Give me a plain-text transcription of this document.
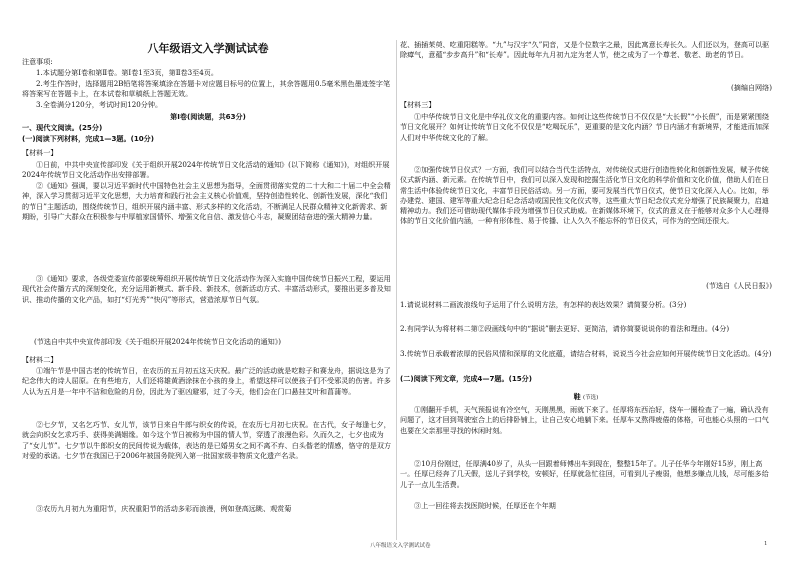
八年级语文入学测试试卷
注意事项:
1.本试题分第Ⅰ卷和第Ⅱ卷。第Ⅰ卷1至3页，第Ⅱ卷3至4页。
2.考生作答时，选择题用2B铅笔将答案填涂在答题卡对应题目标号的位置上，其余答题用0.5毫米黑色墨迹签字笔将答案写在答题卡上，在本试卷和草稿纸上答题无效。
3.全卷满分120分，考试时间120分钟。
第Ⅰ卷(阅读题，共63分)
一、现代文阅读。(25分)
(一)阅读下列材料，完成1—3题。(10分)
【材料一】
①日前，中共中央宣传部印发《关于组织开展2024年传统节日文化活动的通知》(以下简称《通知》)，对组织开展2024年传统节日文化活动作出安排部署。
②《通知》强调，要以习近平新时代中国特色社会主义思想为指导，全面贯彻落实党的二十大和二十届二中全会精神，深入学习贯彻习近平文化思想，大力培育和践行社会主义核心价值观，坚持创造性转化、创新性发展，深化“我们的节日”主题活动，围绕传统节日，组织开展内涵丰富、形式多样的文化活动，不断满足人民群众精神文化新需求、新期盼，引导广大群众在积极参与中厚植家国情怀、增强文化自信、激发信心斗志，凝聚团结奋进的强大精神力量。
③《通知》要求，各级党委宣传部要统筹组织开展传统节日文化活动作为深入实施中国传统节日振兴工程，要运用现代社会传播方式的深刻变化，充分运用新模式、新手段、新技术，创新活动方式、丰富活动形式，要推出更多普及知识、推动传播的文化产品，如打“灯光秀”“快闪”等形式，营造浓厚节日气氛。
(节选自中共中央宣传部印发《关于组织开展2024年传统节日文化活动的通知》)
【材料二】
①端午节是中国古老的传统节日，在农历的五月初五这天庆祝。最广泛的活动就是吃粽子和赛龙舟，据说这是为了纪念伟大的诗人屈原。在有些地方，人们还将雄黄酒涂抹在小孩的身上，希望这样可以使孩子们不受邪灵的伤害。许多人认为五月是一年中不洁和危险的月份，因此为了驱凶避邪，过了今天，他们会在门口悬挂艾叶和菖蒲等。
②七夕节，又名乞巧节、女儿节，该节日来自牛郎与织女的传说，在农历七月初七庆祝。在古代，女子每逢七夕，就会向织女乞求巧手、获得美满姻缘。如今这个节日被称为中国的情人节，穿透了浪漫色彩。久而久之，七夕也成为了“女儿节”。七夕节以牛郎织女的民间传说为载体，表达的是已婚男女之间不离不弃、白头偕老的情感，恪守的是双方对爱的承诺。七夕节在我国已于2006年被国务院列入第一批国家级非物质文化遗产名录。
③农历九月初九为重阳节，庆祝重阳节的活动多彩而浪漫，例如登高远眺、观赏菊
花、插插茱萸、吃重阳糕等。“九”与汉字“久”同音，又是个位数字之最，因此寓意长寿长久。人们还以为，登高可以驱除瘴气，意蕴“步步高升”和“长寿”。因此每年九月初九定为老人节，使之成为了一个尊老、敬老、助老的节日。
(摘编自网络)
【材料三】
①中华传统节日文化是中华礼仪文化的重要内容。如何让这些传统节日不仅仅是“大长假”“小长假”，而是紧紧围绕节日文化展开？如何让传统节日文化不仅仅是“吃喝玩乐”，更重要的是文化内涵？节日内涵才有新境界，才能进而加深人们对中华传统文化的了解。
②加强传统节日仪式？一方面，我们可以结合当代生活特点，对传统仪式进行创造性转化和创新性发展，赋予传统仪式新内涵、新元素。在传统节日中，我们可以深入发现和挖掘生活化节日文化的科学价值和文化价值，借助人们在日常生活中体验传统节日文化，丰富节日民俗活动。另一方面，要可发展当代节日仪式，使节日文化深入人心。比如，举办建党、建国、建军等重大纪念日纪念活动或国民性文化仪式等，这些重大节日纪念仪式充分增强了民族凝聚力，启迪精神动力。我们还可借助现代媒体手段为增强节日仪式助威。在新媒体环境下，仪式的意义在于能够对众多个人心理得体的节日文化价值内涵，一种有形体性、易于传播、让人久久不能忘怀的节日仪式，可作为的空间还很大。
(节选自《人民日报》)
1.请说说材料二画波浪线句子运用了什么说明方法，有怎样的表达效果？请简要分析。(3分)
2.有同学认为将材料二第②段画线句中的“据说”删去更好、更简洁，请你简要说说你的看法和理由。(4分)
3.传统节日承载着浓厚的民俗风情和深厚的文化底蕴，请结合材料，说说当今社会应如何开展传统节日文化活动。(4分)
(二)阅读下列文章，完成4—7题。(15分)
鞋 (节选)
①刚翻开手机，天气预报说有冷空气，天刚黑黑，雨就下来了。任厚将东西治好，绕车一圈检查了一遍，确认没有问题了，这才回到驾驶室合上的后排卧铺上，让自己安心地躺下来。任厚车又熬得疲倦的体格，可也能心头照的一口气也要在父亲那里寻找的休闲时刻。
②10月份刚过，任厚满40岁了，从头一回跟着师傅出车到现在，整整15年了。儿子任华今年刚好15岁，刚上高一。任厚已经奔了几天假，送儿子到学校，安顿好，任厚就急忙往回，可看到儿子瘦弱，他想多赚点儿钱，尽可能多给儿子一点儿生活费。
③上一回往将去找医院时候，任厚还在个年期
八年级语文入学测试试卷	1
